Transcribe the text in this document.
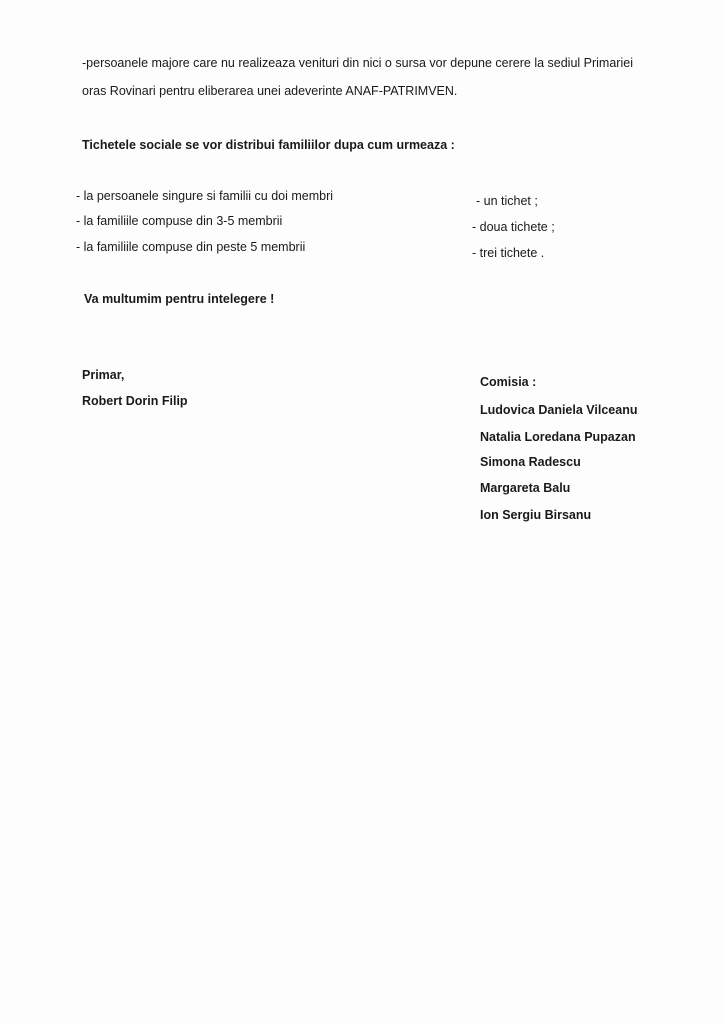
-persoanele majore care nu realizeaza venituri din nici o sursa vor depune cerere la sediul Primariei
oras Rovinari pentru eliberarea unei adeverinte ANAF-PATRIMVEN.
Tichetele sociale se vor distribui familiilor dupa cum urmeaza :
- la persoanele singure si familii cu doi membri	- un tichet ;
- la familiile compuse din 3-5 membrii	- doua tichete ;
- la familiile compuse din peste 5 membrii	- trei tichete .
Va multumim pentru intelegere !
Primar,
Robert Dorin Filip
Comisia :
Ludovica Daniela Vilceanu
Natalia Loredana Pupazan
Simona Radescu
Margareta Balu
Ion Sergiu Birsanu
